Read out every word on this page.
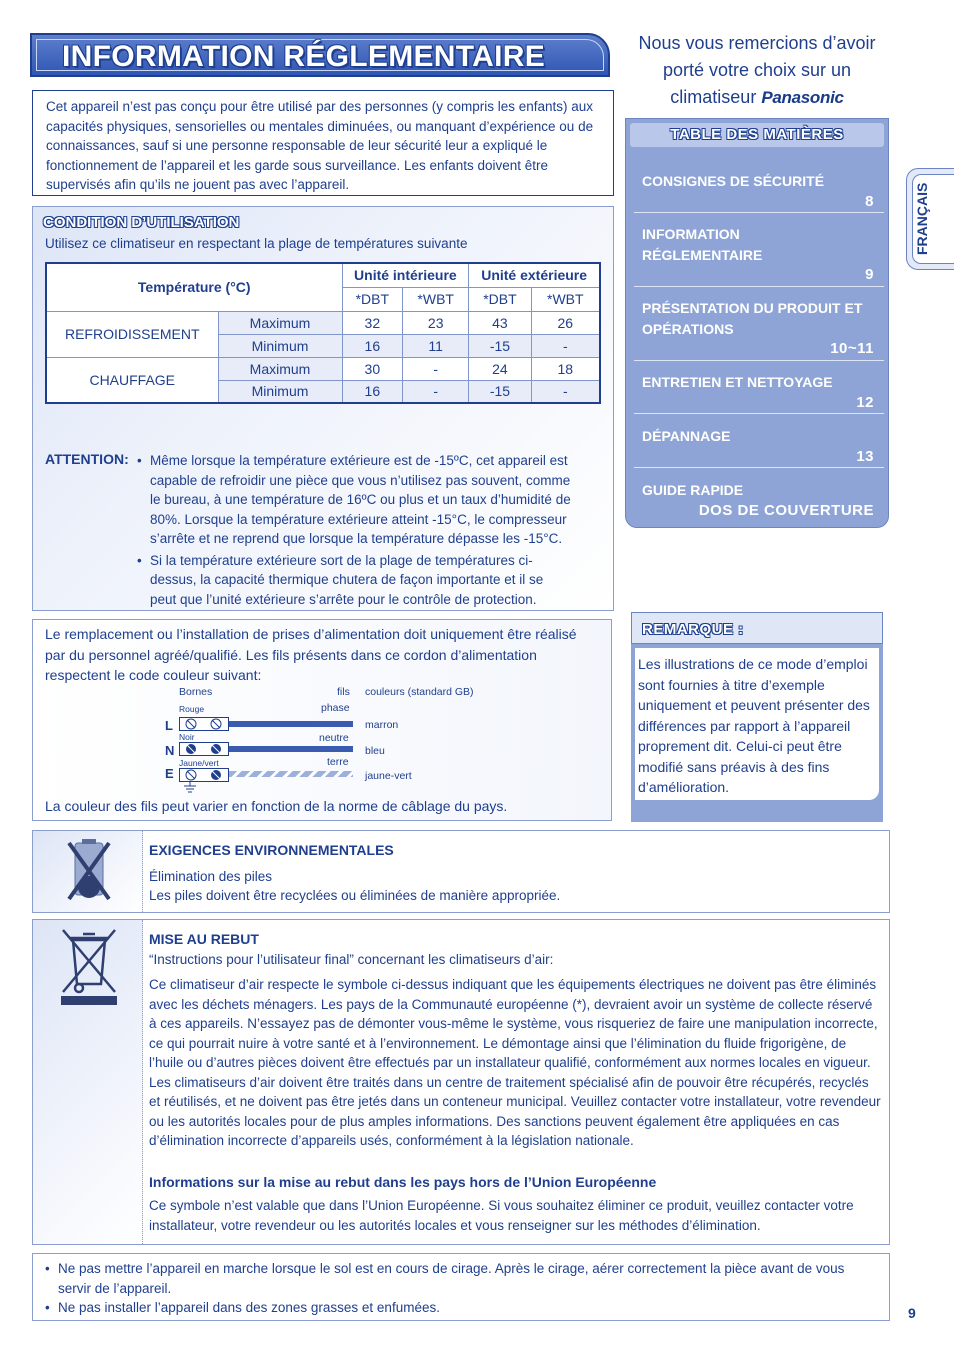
INFORMATION RÉGLEMENTAIRE	Nous vous remercions d’avoir
porté votre choix sur un
climatiseur Panasonic
Cet appareil n’est pas conçu pour être utilisé par des personnes (y compris les enfants) aux capacités physiques, sensorielles ou mentales diminuées, ou manquant d’expérience ou de connaissances, sauf si une personne responsable de leur sécurité leur a expliqué le fonctionnement de l’appareil et les garde sous surveillance. Les enfants doivent être supervisés afin qu’ils ne jouent pas avec l’appareil.
CONDITION D’UTILISATION
Utilisez ce climatiseur en respectant la plage de températures suivante
Température (°C)		Unité intérieure		Unité extérieure	
		*DBT	*WBT	*DBT	*WBT
REFROIDISSEMENT	Maximum	32	23	43	26
	Minimum	16	11	-15	-
CHAUFFAGE	Maximum	30	-	24	18
	Minimum	16	-	-15	-
ATTENTION:	• Même lorsque la température extérieure est de -15ºC, cet appareil est capable de refroidir une pièce que vous n’utilisez pas souvent, comme le bureau, à une température de 16ºC ou plus et un taux d’humidité de 80%. Lorsque la température extérieure atteint -15°C, le compresseur s’arrête et ne reprend que lorsque la température dépasse les -15°C.
• Si la température extérieure sort de la plage de températures ci-dessus, la capacité thermique chutera de façon importante et il se peut que l’unité extérieure s’arrête pour le contrôle de protection.
Le remplacement ou l’installation de prises d’alimentation doit uniquement être réalisé par du personnel agréé/qualifié. Les fils présents dans ce cordon d’alimentation respectent le code couleur suivant:
Bornes	fils couleurs (standard GB)
Rouge	phase
L	marron
Noir	neutre
N	bleu
Jaune/vert	terre
E	jaune-vert
La couleur des fils peut varier en fonction de la norme de câblage du pays.
EXIGENCES ENVIRONNEMENTALES
Élimination des piles
Les piles doivent être recyclées ou éliminées de manière appropriée.
MISE AU REBUT
“Instructions pour l’utilisateur final” concernant les climatiseurs d’air:
Ce climatiseur d’air respecte le symbole ci-dessus indiquant que les équipements électriques ne doivent pas être éliminés avec les déchets ménagers. Les pays de la Communauté européenne (*), devraient avoir un système de collecte réservé à ces appareils. N’essayez pas de démonter vous-même le système, vous risqueriez de faire une manipulation incorrecte, ce qui pourrait nuire à votre santé et à l’environnement. Le démontage ainsi que l’élimination du fluide frigorigène, de l’huile ou d’autres pièces doivent être effectués par un installateur qualifié, conformément aux normes locales en vigueur. Les climatiseurs d’air doivent être traités dans un centre de traitement spécialisé afin de pouvoir être récupérés, recyclés et réutilisés, et ne doivent pas être jetés dans un conteneur municipal. Veuillez contacter votre installateur, votre revendeur ou les autorités locales pour de plus amples informations. Des sanctions peuvent également être appliquées en cas d’élimination incorrecte d’appareils usés, conformément à la législation nationale.
Informations sur la mise au rebut dans les pays hors de l’Union Européenne
Ce symbole n’est valable que dans l’Union Européenne. Si vous souhaitez éliminer ce produit, veuillez contacter votre installateur, votre revendeur ou les autorités locales et vous renseigner sur les méthodes d’élimination.
• Ne pas mettre l’appareil en marche lorsque le sol est en cours de cirage. Après le cirage, aérer correctement la pièce avant de vous servir de l’appareil.
• Ne pas installer l’appareil dans des zones grasses et enfumées.
TABLE DES MATIÈRES
CONSIGNES DE SÉCURITÉ
8
INFORMATION RÉGLEMENTAIRE
9
PRÉSENTATION DU PRODUIT ET OPÉRATIONS
10~11
ENTRETIEN ET NETTOYAGE
12
DÉPANNAGE
13
GUIDE RAPIDE
DOS DE COUVERTURE
FRANÇAIS
REMARQUE :
Les illustrations de ce mode d’emploi sont fournies à titre d’exemple uniquement et peuvent présenter des différences par rapport à l’appareil proprement dit. Celui-ci peut être modifié sans préavis à des fins d’amélioration.
9
